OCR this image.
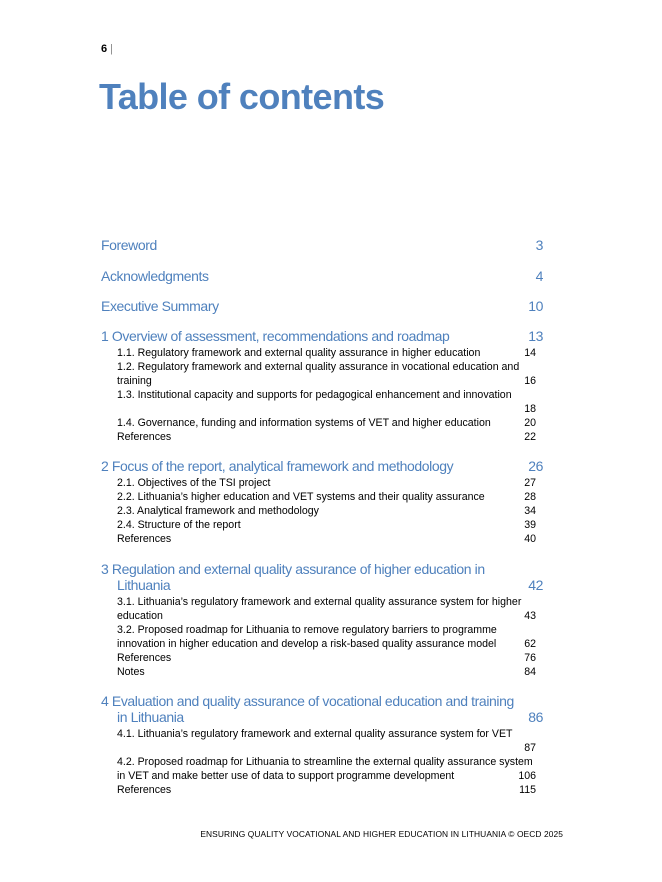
6 |
Table of contents
Foreword	3
Acknowledgments	4
Executive Summary	10
1 Overview of assessment, recommendations and roadmap	13
1.1. Regulatory framework and external quality assurance in higher education	14
1.2. Regulatory framework and external quality assurance in vocational education and training	16
1.3. Institutional capacity and supports for pedagogical enhancement and innovation
18
1.4. Governance, funding and information systems of VET and higher education	20
References	22
2 Focus of the report, analytical framework and methodology	26
2.1. Objectives of the TSI project	27
2.2. Lithuania’s higher education and VET systems and their quality assurance	28
2.3. Analytical framework and methodology	34
2.4. Structure of the report	39
References	40
3 Regulation and external quality assurance of higher education in Lithuania	42
3.1. Lithuania’s regulatory framework and external quality assurance system for higher education	43
3.2. Proposed roadmap for Lithuania to remove regulatory barriers to programme innovation in higher education and develop a risk-based quality assurance model	62
References	76
Notes	84
4 Evaluation and quality assurance of vocational education and training in Lithuania	86
4.1. Lithuania’s regulatory framework and external quality assurance system for VET
87
4.2. Proposed roadmap for Lithuania to streamline the external quality assurance system in VET and make better use of data to support programme development	106
References	115
ENSURING QUALITY VOCATIONAL AND HIGHER EDUCATION IN LITHUANIA © OECD 2025
